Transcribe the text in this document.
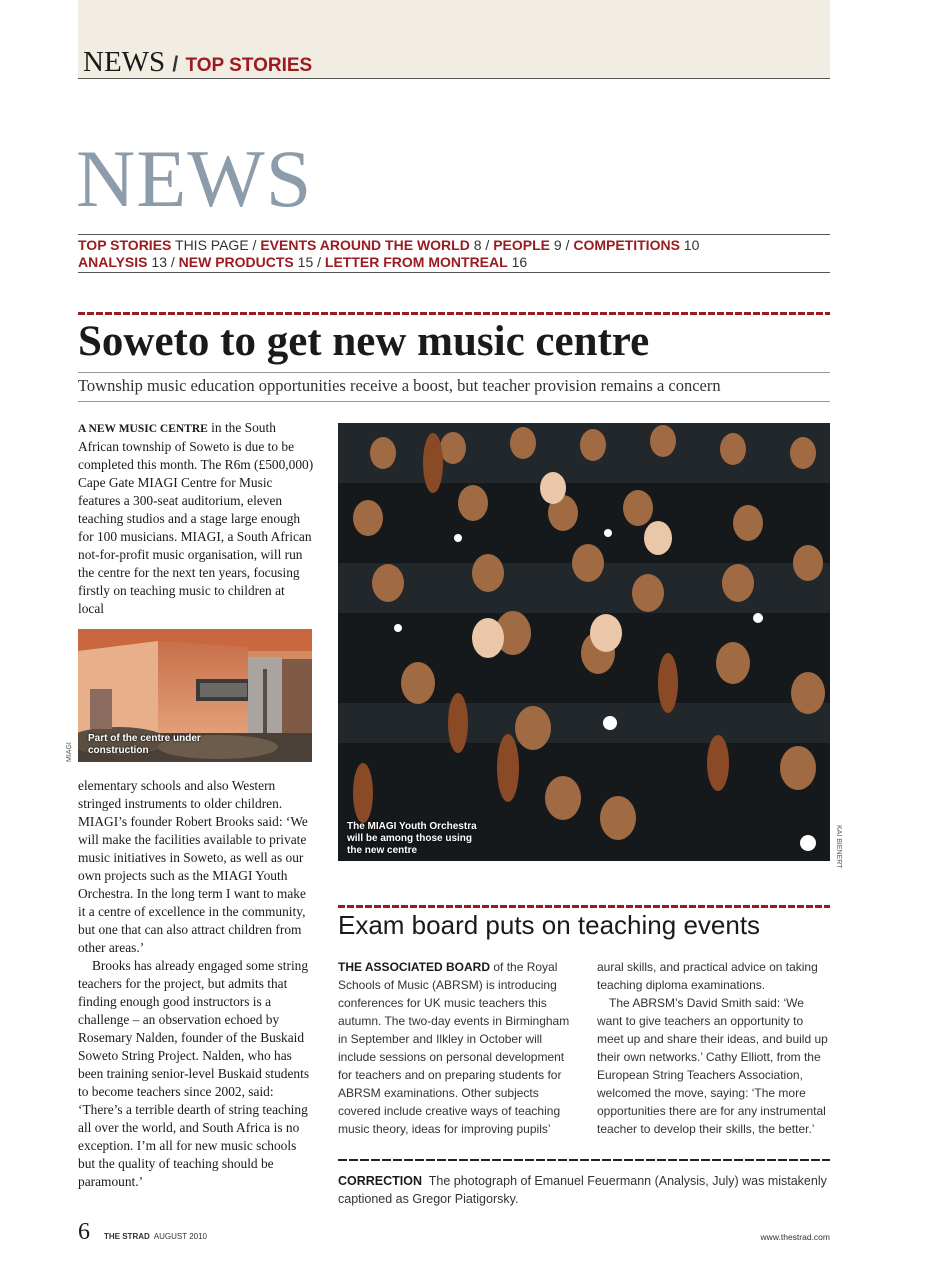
NEWS / TOP STORIES
NEWS
TOP STORIES THIS PAGE / EVENTS AROUND THE WORLD 8 / PEOPLE 9 / COMPETITIONS 10
ANALYSIS 13 / NEW PRODUCTS 15 / LETTER FROM MONTREAL 16
Soweto to get new music centre
Township music education opportunities receive a boost, but teacher provision remains a concern

A NEW MUSIC CENTRE in the South African township of Soweto is due to be completed this month. The R6m (£500,000) Cape Gate MIAGI Centre for Music features a 300-seat auditorium, eleven teaching studios and a stage large enough for 100 musicians. MIAGI, a South African not-for-profit music organisation, will run the centre for the next ten years, focusing firstly on teaching music to children at local

Part of the centre under construction
MIAGI

elementary schools and also Western stringed instruments to older children. MIAGI’s founder Robert Brooks said: ‘We will make the facilities available to private music initiatives in Soweto, as well as our own projects such as the MIAGI Youth Orchestra. In the long term I want to make it a centre of excellence in the community, but one that can also attract children from other areas.’

Brooks has already engaged some string teachers for the project, but admits that finding enough good instructors is a challenge – an observation echoed by Rosemary Nalden, founder of the Buskaid Soweto String Project. Nalden, who has been training senior-level Buskaid students to become teachers since 2002, said: ‘There’s a terrible dearth of string teaching all over the world, and South Africa is no exception. I’m all for new music schools but the quality of teaching should be paramount.’

The MIAGI Youth Orchestra will be among those using the new centre	KAI BIENERT
Exam board puts on teaching events

THE ASSOCIATED BOARD of the Royal Schools of Music (ABRSM) is introducing conferences for UK music teachers this autumn. The two-day events in Birmingham in September and Ilkley in October will include sessions on personal development for teachers and on preparing students for ABRSM examinations. Other subjects covered include creative ways of teaching music theory, ideas for improving pupils’

aural skills, and practical advice on taking teaching diploma examinations.

The ABRSM’s David Smith said: ‘We want to give teachers an opportunity to meet up and share their ideas, and build up their own networks.’ Cathy Elliott, from the European String Teachers Association, welcomed the move, saying: ‘The more opportunities there are for any instrumental teacher to develop their skills, the better.’

CORRECTION The photograph of Emanuel Feuermann (Analysis, July) was mistakenly captioned as Gregor Piatigorsky.
6 THE STRAD AUGUST 2010	www.thestrad.com
